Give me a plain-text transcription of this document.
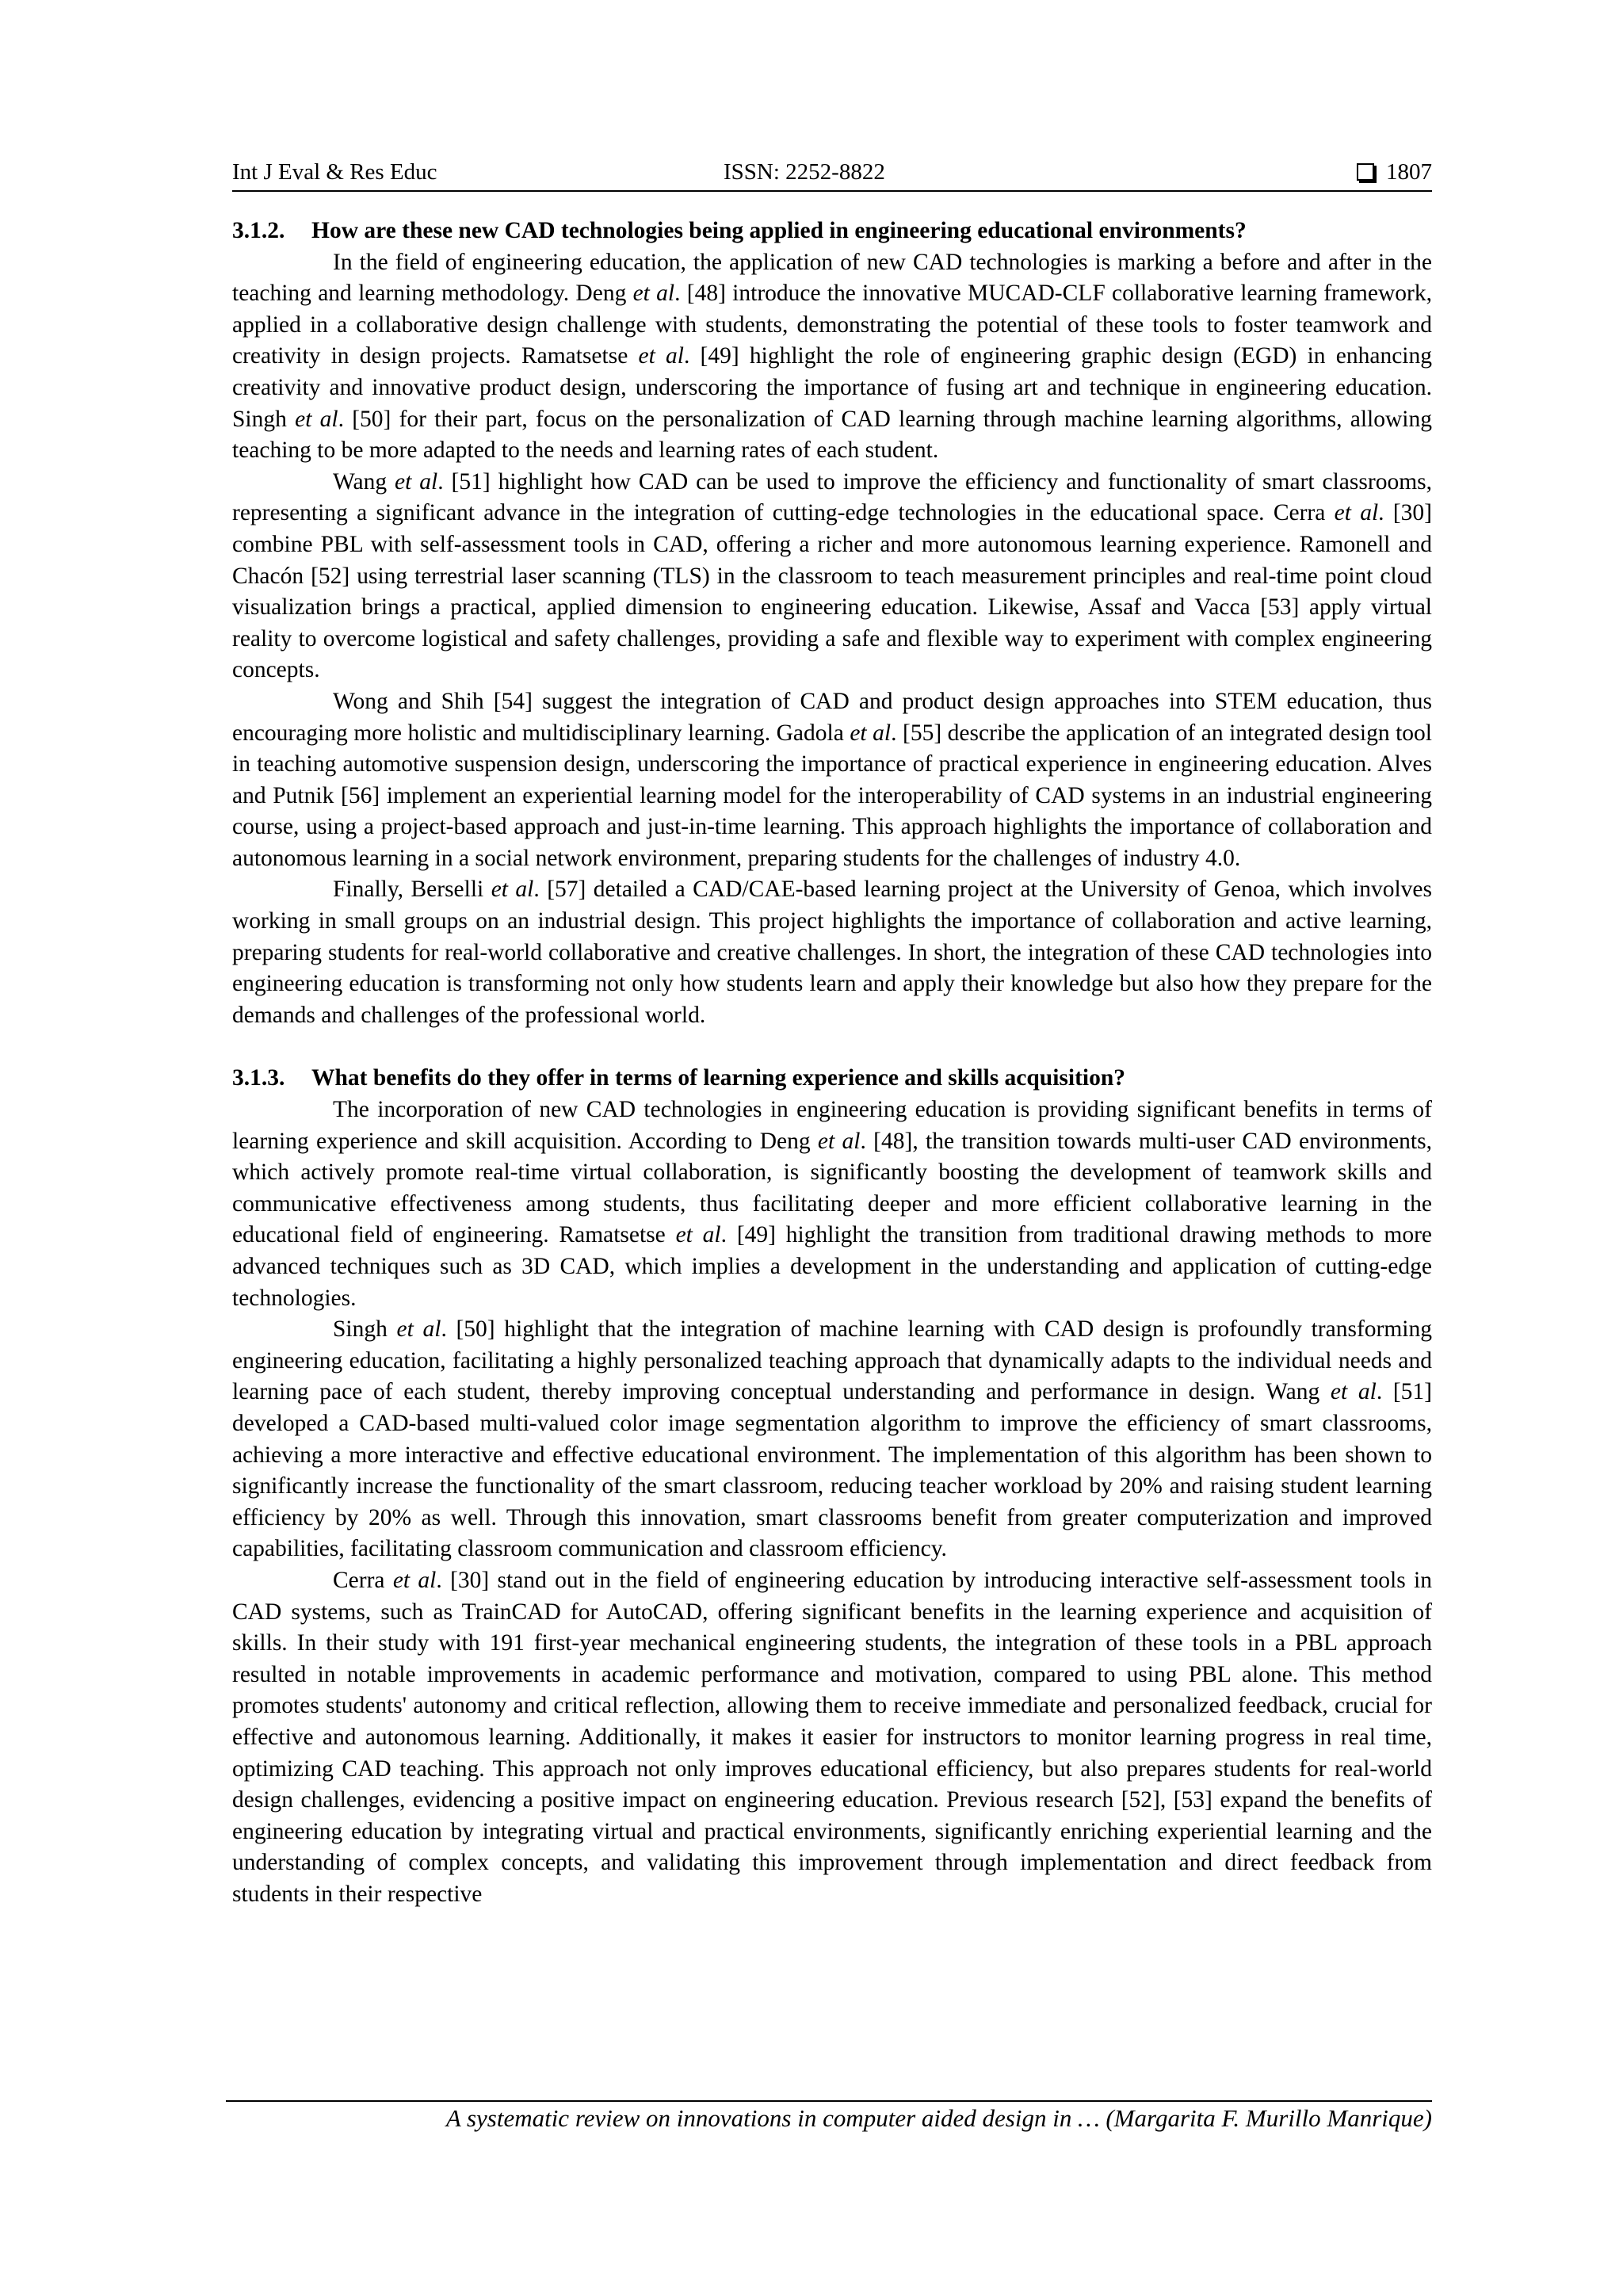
Int J Eval & Res Educ	ISSN: 2252-8822	1807
3.1.2. How are these new CAD technologies being applied in engineering educational environments?

In the field of engineering education, the application of new CAD technologies is marking a before and after in the teaching and learning methodology. Deng et al. [48] introduce the innovative MUCAD-CLF collaborative learning framework, applied in a collaborative design challenge with students, demonstrating the potential of these tools to foster teamwork and creativity in design projects. Ramatsetse et al. [49] highlight the role of engineering graphic design (EGD) in enhancing creativity and innovative product design, underscoring the importance of fusing art and technique in engineering education. Singh et al. [50] for their part, focus on the personalization of CAD learning through machine learning algorithms, allowing teaching to be more adapted to the needs and learning rates of each student.

Wang et al. [51] highlight how CAD can be used to improve the efficiency and functionality of smart classrooms, representing a significant advance in the integration of cutting-edge technologies in the educational space. Cerra et al. [30] combine PBL with self-assessment tools in CAD, offering a richer and more autonomous learning experience. Ramonell and Chacón [52] using terrestrial laser scanning (TLS) in the classroom to teach measurement principles and real-time point cloud visualization brings a practical, applied dimension to engineering education. Likewise, Assaf and Vacca [53] apply virtual reality to overcome logistical and safety challenges, providing a safe and flexible way to experiment with complex engineering concepts.

Wong and Shih [54] suggest the integration of CAD and product design approaches into STEM education, thus encouraging more holistic and multidisciplinary learning. Gadola et al. [55] describe the application of an integrated design tool in teaching automotive suspension design, underscoring the importance of practical experience in engineering education. Alves and Putnik [56] implement an experiential learning model for the interoperability of CAD systems in an industrial engineering course, using a project-based approach and just-in-time learning. This approach highlights the importance of collaboration and autonomous learning in a social network environment, preparing students for the challenges of industry 4.0.

Finally, Berselli et al. [57] detailed a CAD/CAE-based learning project at the University of Genoa, which involves working in small groups on an industrial design. This project highlights the importance of collaboration and active learning, preparing students for real-world collaborative and creative challenges. In short, the integration of these CAD technologies into engineering education is transforming not only how students learn and apply their knowledge but also how they prepare for the demands and challenges of the professional world.

3.1.3. What benefits do they offer in terms of learning experience and skills acquisition?

The incorporation of new CAD technologies in engineering education is providing significant benefits in terms of learning experience and skill acquisition. According to Deng et al. [48], the transition towards multi-user CAD environments, which actively promote real-time virtual collaboration, is significantly boosting the development of teamwork skills and communicative effectiveness among students, thus facilitating deeper and more efficient collaborative learning in the educational field of engineering. Ramatsetse et al. [49] highlight the transition from traditional drawing methods to more advanced techniques such as 3D CAD, which implies a development in the understanding and application of cutting-edge technologies.

Singh et al. [50] highlight that the integration of machine learning with CAD design is profoundly transforming engineering education, facilitating a highly personalized teaching approach that dynamically adapts to the individual needs and learning pace of each student, thereby improving conceptual understanding and performance in design. Wang et al. [51] developed a CAD-based multi-valued color image segmentation algorithm to improve the efficiency of smart classrooms, achieving a more interactive and effective educational environment. The implementation of this algorithm has been shown to significantly increase the functionality of the smart classroom, reducing teacher workload by 20% and raising student learning efficiency by 20% as well. Through this innovation, smart classrooms benefit from greater computerization and improved capabilities, facilitating classroom communication and classroom efficiency.

Cerra et al. [30] stand out in the field of engineering education by introducing interactive self-assessment tools in CAD systems, such as TrainCAD for AutoCAD, offering significant benefits in the learning experience and acquisition of skills. In their study with 191 first-year mechanical engineering students, the integration of these tools in a PBL approach resulted in notable improvements in academic performance and motivation, compared to using PBL alone. This method promotes students' autonomy and critical reflection, allowing them to receive immediate and personalized feedback, crucial for effective and autonomous learning. Additionally, it makes it easier for instructors to monitor learning progress in real time, optimizing CAD teaching. This approach not only improves educational efficiency, but also prepares students for real-world design challenges, evidencing a positive impact on engineering education. Previous research [52], [53] expand the benefits of engineering education by integrating virtual and practical environments, significantly enriching experiential learning and the understanding of complex concepts, and validating this improvement through implementation and direct feedback from students in their respective

A systematic review on innovations in computer aided design in … (Margarita F. Murillo Manrique)
